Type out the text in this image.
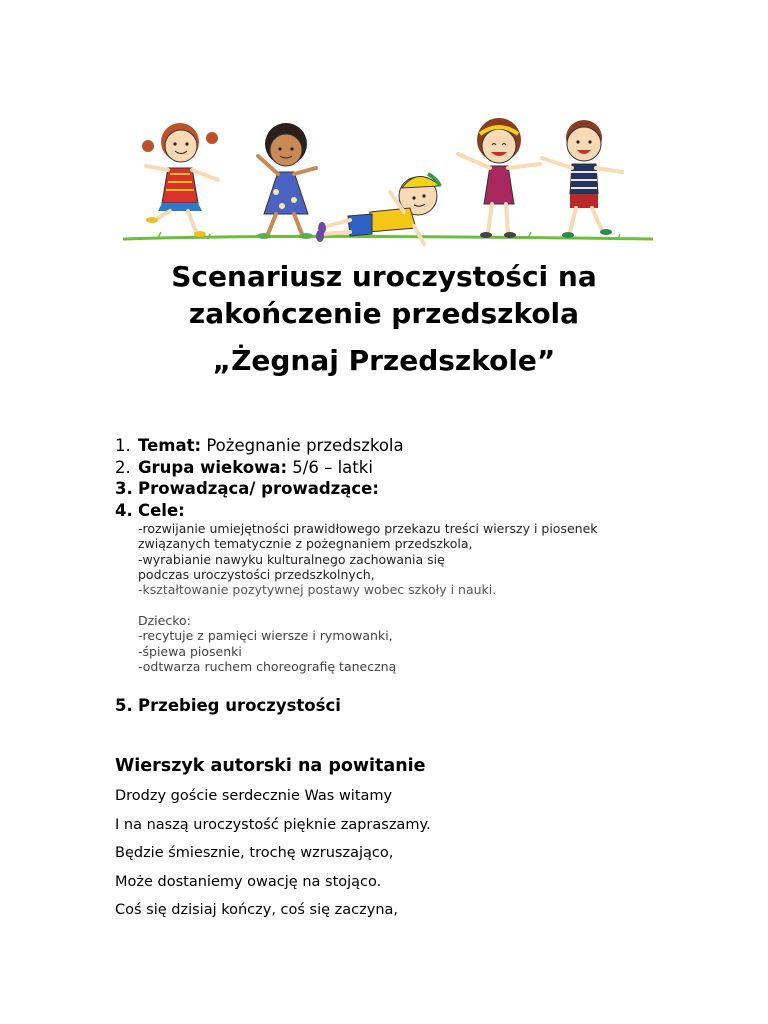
Scenariusz uroczystości na
zakończenie przedszkola
„Żegnaj Przedszkole”
1. Temat: Pożegnanie przedszkola
2. Grupa wiekowa: 5/6 – latki
3. Prowadząca/ prowadzące:
4. Cele:
-rozwijanie umiejętności prawidłowego przekazu treści wierszy i piosenek
związanych tematycznie z pożegnaniem przedszkola,
-wyrabianie nawyku kulturalnego zachowania się
podczas uroczystości przedszkolnych,
-kształtowanie pozytywnej postawy wobec szkoły i nauki.
Dziecko:
-recytuje z pamięci wiersze i rymowanki,
-śpiewa piosenki
-odtwarza ruchem choreografię taneczną
5. Przebieg uroczystości
Wierszyk autorski na powitanie
Drodzy goście serdecznie Was witamy
I na naszą uroczystość pięknie zapraszamy.
Będzie śmiesznie, trochę wzruszająco,
Może dostaniemy owację na stojąco.
Coś się dzisiaj kończy, coś się zaczyna,
